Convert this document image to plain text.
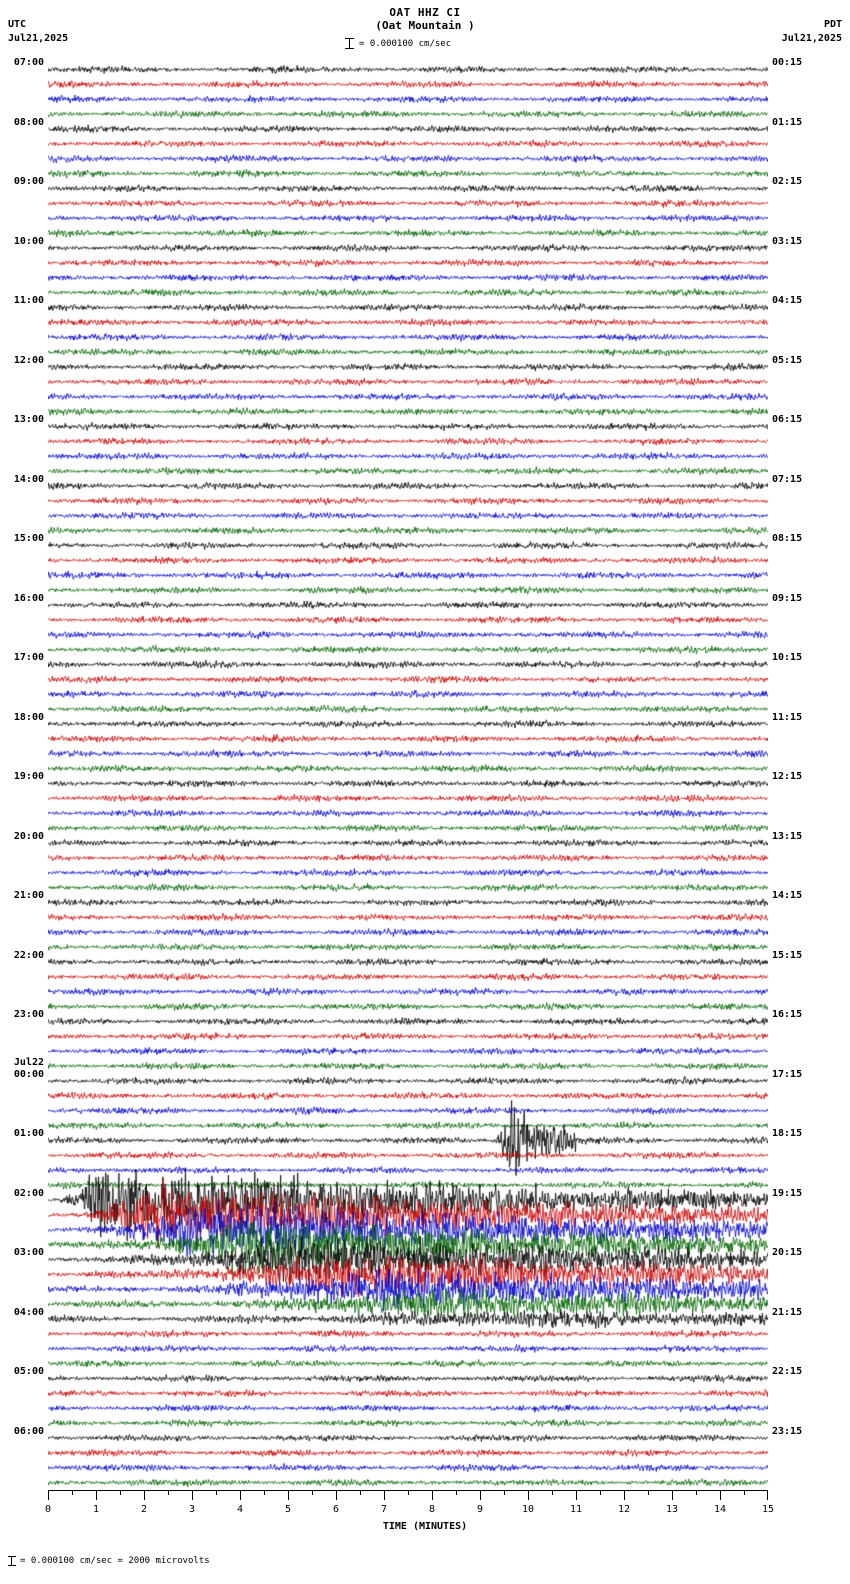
OAT HHZ CI
(Oat Mountain )
= 0.000100 cm/sec
UTC
Jul21,2025
PDT
Jul21,2025
07:00
08:00
09:00
10:00
11:00
12:00
13:00
14:00
15:00
16:00
17:00
18:00
19:00
20:00
21:00
22:00
23:00
00:00
Jul22
01:00
02:00
03:00
04:00
05:00
06:00
00:15
01:15
02:15
03:15
04:15
05:15
06:15
07:15
08:15
09:15
10:15
11:15
12:15
13:15
14:15
15:15
16:15
17:15
18:15
19:15
20:15
21:15
22:15
23:15
0	1	2	3	4	5	6	7	8	9	10	11	12	13	14	15
TIME (MINUTES)
= 0.000100 cm/sec = 2000 microvolts
